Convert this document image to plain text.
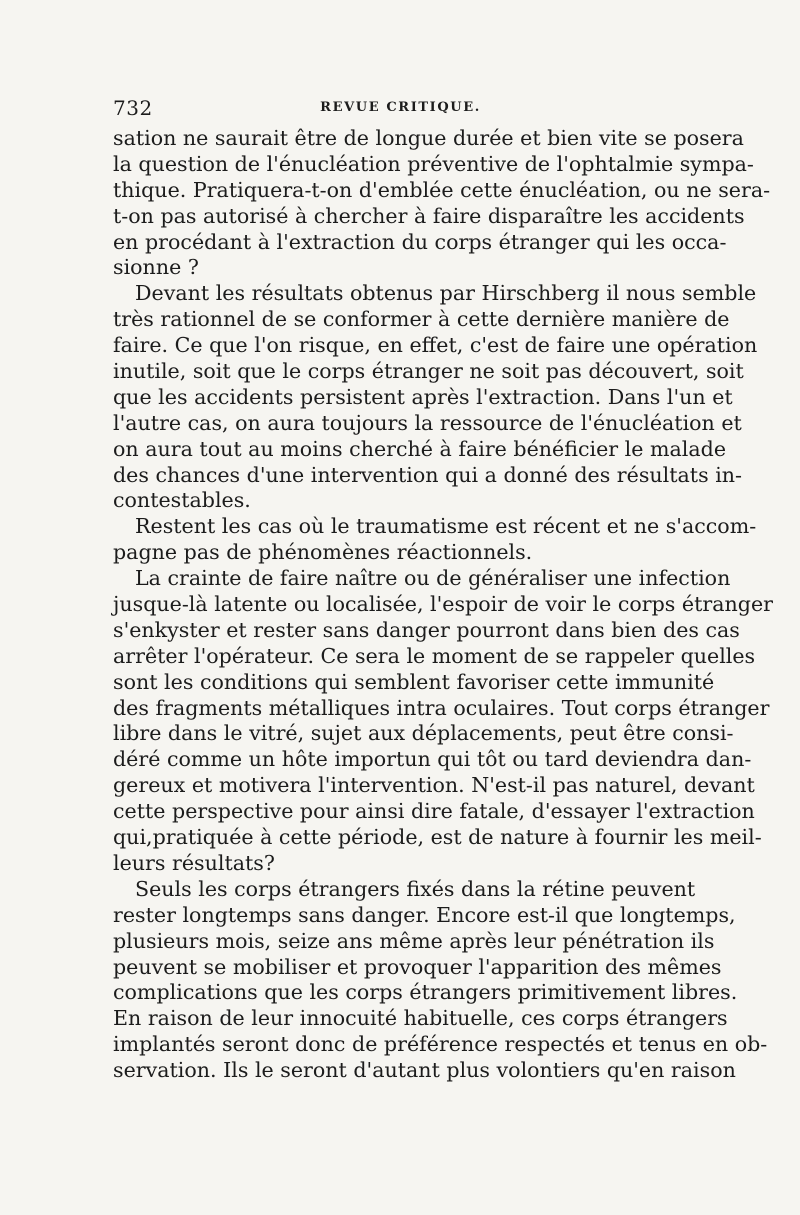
732	REVUE CRITIQUE.
sation ne saurait être de longue durée et bien vite se posera
la question de l'énucléation préventive de l'ophtalmie sympa-
thique. Pratiquera-t-on d'emblée cette énucléation, ou ne sera-
t-on pas autorisé à chercher à faire disparaître les accidents
en procédant à l'extraction du corps étranger qui les occa-
sionne ?
Devant les résultats obtenus par Hirschberg il nous semble
très rationnel de se conformer à cette dernière manière de
faire. Ce que l'on risque, en effet, c'est de faire une opération
inutile, soit que le corps étranger ne soit pas découvert, soit
que les accidents persistent après l'extraction. Dans l'un et
l'autre cas, on aura toujours la ressource de l'énucléation et
on aura tout au moins cherché à faire bénéficier le malade
des chances d'une intervention qui a donné des résultats in-
contestables.
Restent les cas où le traumatisme est récent et ne s'accom-
pagne pas de phénomènes réactionnels.
La crainte de faire naître ou de généraliser une infection
jusque-là latente ou localisée, l'espoir de voir le corps étranger
s'enkyster et rester sans danger pourront dans bien des cas
arrêter l'opérateur. Ce sera le moment de se rappeler quelles
sont les conditions qui semblent favoriser cette immunité
des fragments métalliques intra oculaires. Tout corps étranger
libre dans le vitré, sujet aux déplacements, peut être consi-
déré comme un hôte importun qui tôt ou tard deviendra dan-
gereux et motivera l'intervention. N'est-il pas naturel, devant
cette perspective pour ainsi dire fatale, d'essayer l'extraction
qui,pratiquée à cette période, est de nature à fournir les meil-
leurs résultats?
Seuls les corps étrangers fixés dans la rétine peuvent
rester longtemps sans danger. Encore est-il que longtemps,
plusieurs mois, seize ans même après leur pénétration ils
peuvent se mobiliser et provoquer l'apparition des mêmes
complications que les corps étrangers primitivement libres.
En raison de leur innocuité habituelle, ces corps étrangers
implantés seront donc de préférence respectés et tenus en ob-
servation. Ils le seront d'autant plus volontiers qu'en raison
